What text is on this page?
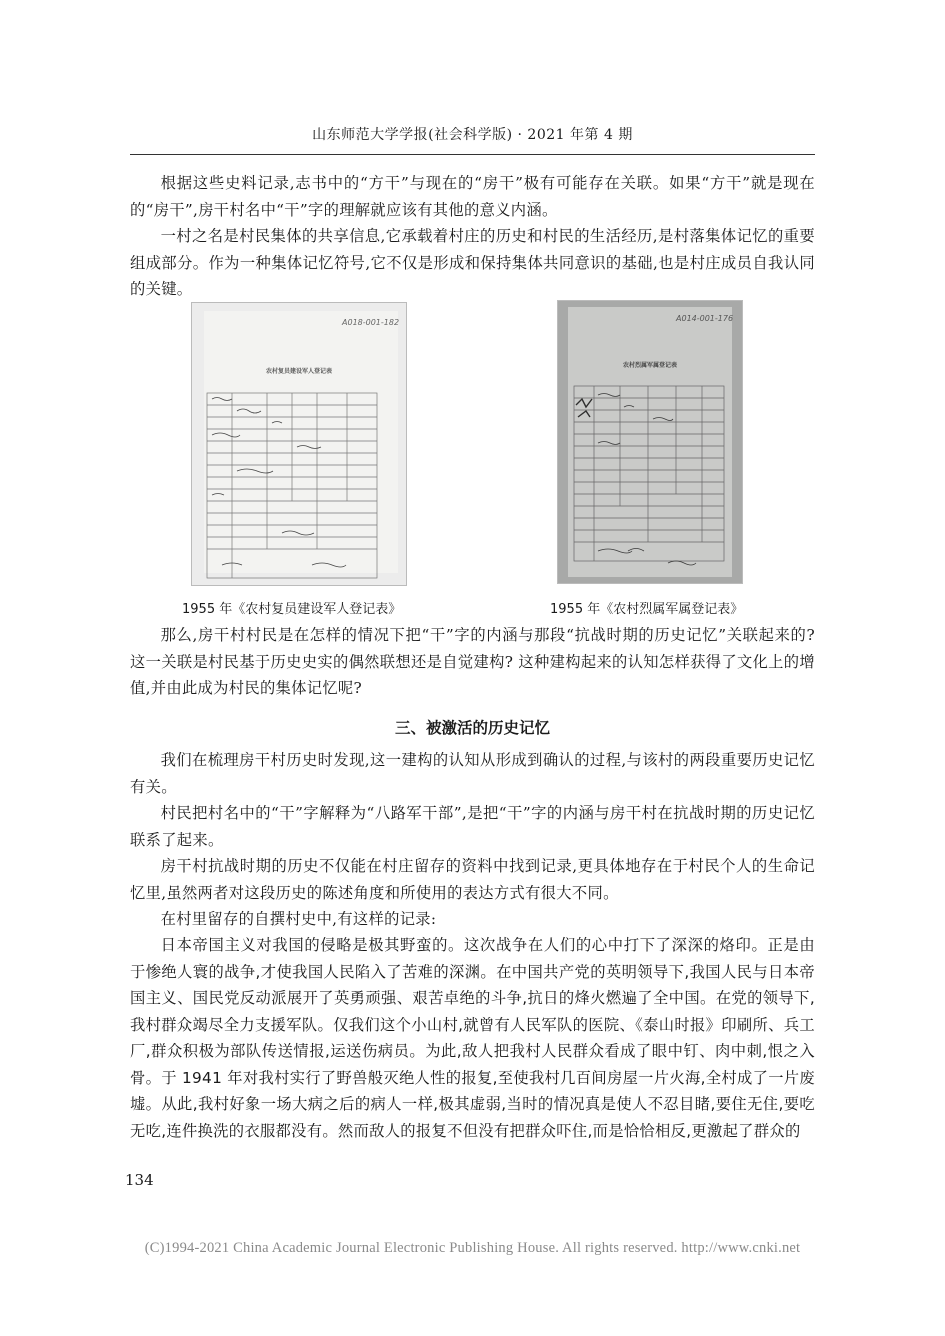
山东师范大学学报(社会科学版) · 2021 年第 4 期

根据这些史料记录,志书中的“方干”与现在的“房干”极有可能存在关联。如果“方干”就是现在的“房干”,房干村名中“干”字的理解就应该有其他的意义内涵。

一村之名是村民集体的共享信息,它承载着村庄的历史和村民的生活经历,是村落集体记忆的重要组成部分。作为一种集体记忆符号,它不仅是形成和保持集体共同意识的基础,也是村庄成员自我认同的关键。

A018-001-182
农村复员建设军人登记表
A014-001-176
农村烈属军属登记表
1955 年《农村复员建设军人登记表》	1955 年《农村烈属军属登记表》

那么,房干村村民是在怎样的情况下把“干”字的内涵与那段“抗战时期的历史记忆”关联起来的? 这一关联是村民基于历史史实的偶然联想还是自觉建构? 这种建构起来的认知怎样获得了文化上的增值,并由此成为村民的集体记忆呢?

三、被激活的历史记忆

我们在梳理房干村历史时发现,这一建构的认知从形成到确认的过程,与该村的两段重要历史记忆有关。

村民把村名中的“干”字解释为“八路军干部”,是把“干”字的内涵与房干村在抗战时期的历史记忆联系了起来。

房干村抗战时期的历史不仅能在村庄留存的资料中找到记录,更具体地存在于村民个人的生命记忆里,虽然两者对这段历史的陈述角度和所使用的表达方式有很大不同。

在村里留存的自撰村史中,有这样的记录:

日本帝国主义对我国的侵略是极其野蛮的。这次战争在人们的心中打下了深深的烙印。正是由于惨绝人寰的战争,才使我国人民陷入了苦难的深渊。在中国共产党的英明领导下,我国人民与日本帝国主义、国民党反动派展开了英勇顽强、艰苦卓绝的斗争,抗日的烽火燃遍了全中国。在党的领导下,我村群众竭尽全力支援军队。仅我们这个小山村,就曾有人民军队的医院、《泰山时报》印刷所、兵工厂,群众积极为部队传送情报,运送伤病员。为此,敌人把我村人民群众看成了眼中钉、肉中刺,恨之入骨。于 1941 年对我村实行了野兽般灭绝人性的报复,至使我村几百间房屋一片火海,全村成了一片废墟。从此,我村好象一场大病之后的病人一样,极其虚弱,当时的情况真是使人不忍目睹,要住无住,要吃无吃,连件换洗的衣服都没有。然而敌人的报复不但没有把群众吓住,而是恰恰相反,更激起了群众的

134
(C)1994-2021 China Academic Journal Electronic Publishing House. All rights reserved. http://www.cnki.net
